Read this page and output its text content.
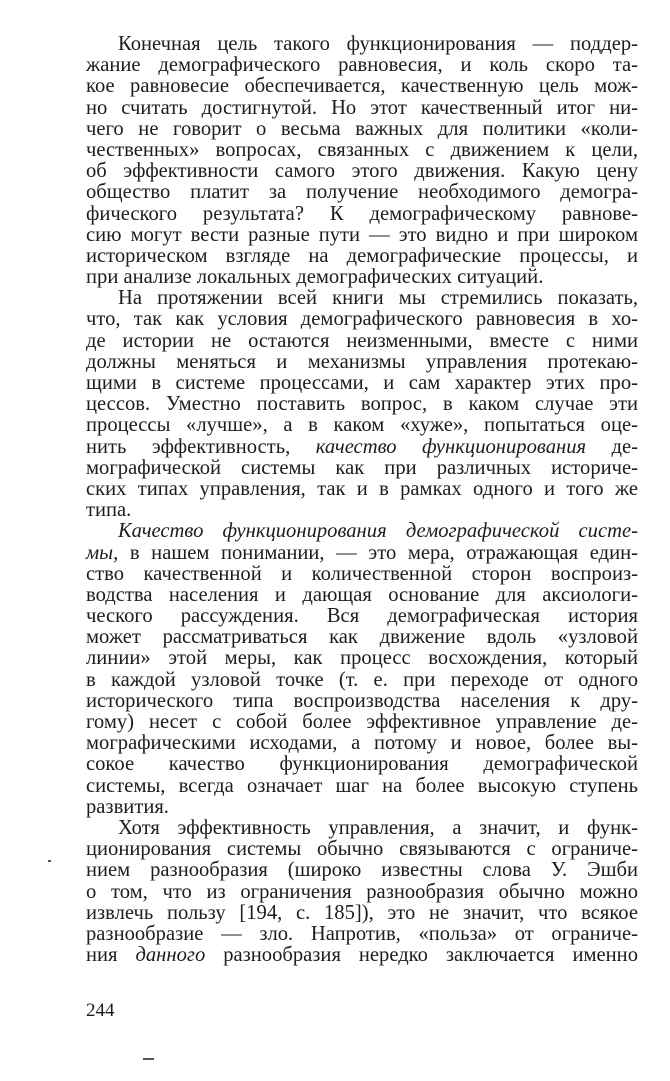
Конечная цель такого функционирования — поддер-
жание демографического равновесия, и коль скоро та-
кое равновесие обеспечивается, качественную цель мож-
но считать достигнутой. Но этот качественный итог ни-
чего не говорит о весьма важных для политики «коли-
чественных» вопросах, связанных с движением к цели,
об эффективности самого этого движения. Какую цену
общество платит за получение необходимого демогра-
фического результата? К демографическому равнове-
сию могут вести разные пути — это видно и при широком
историческом взгляде на демографические процессы, и
при анализе локальных демографических ситуаций.
На протяжении всей книги мы стремились показать,
что, так как условия демографического равновесия в хо-
де истории не остаются неизменными, вместе с ними
должны меняться и механизмы управления протекаю-
щими в системе процессами, и сам характер этих про-
цессов. Уместно поставить вопрос, в каком случае эти
процессы «лучше», а в каком «хуже», попытаться оце-
нить эффективность, качество функционирования де-
мографической системы как при различных историче-
ских типах управления, так и в рамках одного и того же
типа.
Качество функционирования демографической систе-
мы, в нашем понимании, — это мера, отражающая един-
ство качественной и количественной сторон воспроиз-
водства населения и дающая основание для аксиологи-
ческого рассуждения. Вся демографическая история
может рассматриваться как движение вдоль «узловой
линии» этой меры, как процесс восхождения, который
в каждой узловой точке (т. е. при переходе от одного
исторического типа воспроизводства населения к дру-
гому) несет с собой более эффективное управление де-
мографическими исходами, а потому и новое, более вы-
сокое качество функционирования демографической
системы, всегда означает шаг на более высокую ступень
развития.
Хотя эффективность управления, а значит, и функ-
ционирования системы обычно связываются с ограниче-
нием разнообразия (широко известны слова У. Эшби
о том, что из ограничения разнообразия обычно можно
извлечь пользу [194, с. 185]), это не значит, что всякое
разнообразие — зло. Напротив, «польза» от ограниче-
ния данного разнообразия нередко заключается именно
244
